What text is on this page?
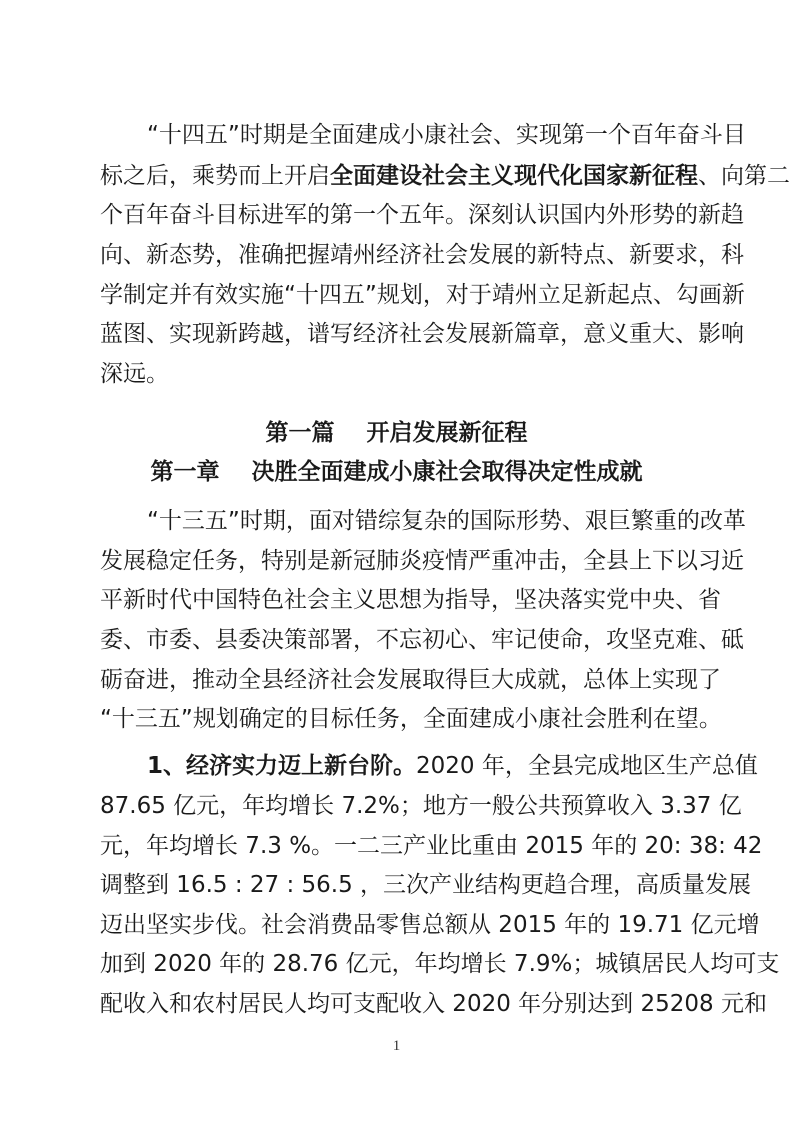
“十四五”时期是全面建成小康社会、实现第一个百年奋斗目
标之后，乘势而上开启全面建设社会主义现代化国家新征程、向第二
个百年奋斗目标进军的第一个五年。深刻认识国内外形势的新趋
向、新态势，准确把握靖州经济社会发展的新特点、新要求，科
学制定并有效实施“十四五”规划，对于靖州立足新起点、勾画新
蓝图、实现新跨越，谱写经济社会发展新篇章，意义重大、影响
深远。
第一篇    开启发展新征程
第一章    决胜全面建成小康社会取得决定性成就
“十三五”时期，面对错综复杂的国际形势、艰巨繁重的改革
发展稳定任务，特别是新冠肺炎疫情严重冲击，全县上下以习近
平新时代中国特色社会主义思想为指导，坚决落实党中央、省
委、市委、县委决策部署，不忘初心、牢记使命，攻坚克难、砥
砺奋进，推动全县经济社会发展取得巨大成就，总体上实现了
“十三五”规划确定的目标任务，全面建成小康社会胜利在望。
1、经济实力迈上新台阶。2020 年，全县完成地区生产总值
87.65 亿元，年均增长 7.2%；地方一般公共预算收入 3.37 亿
元，年均增长 7.3 %。一二三产业比重由 2015 年的 20: 38: 42
调整到 16.5 : 27 : 56.5 ，三次产业结构更趋合理，高质量发展
1
迈出坚实步伐。社会消费品零售总额从 2015 年的 19.71 亿元增
加到 2020 年的 28.76 亿元，年均增长 7.9%；城镇居民人均可支
配收入和农村居民人均可支配收入 2020 年分别达到 25208 元和
